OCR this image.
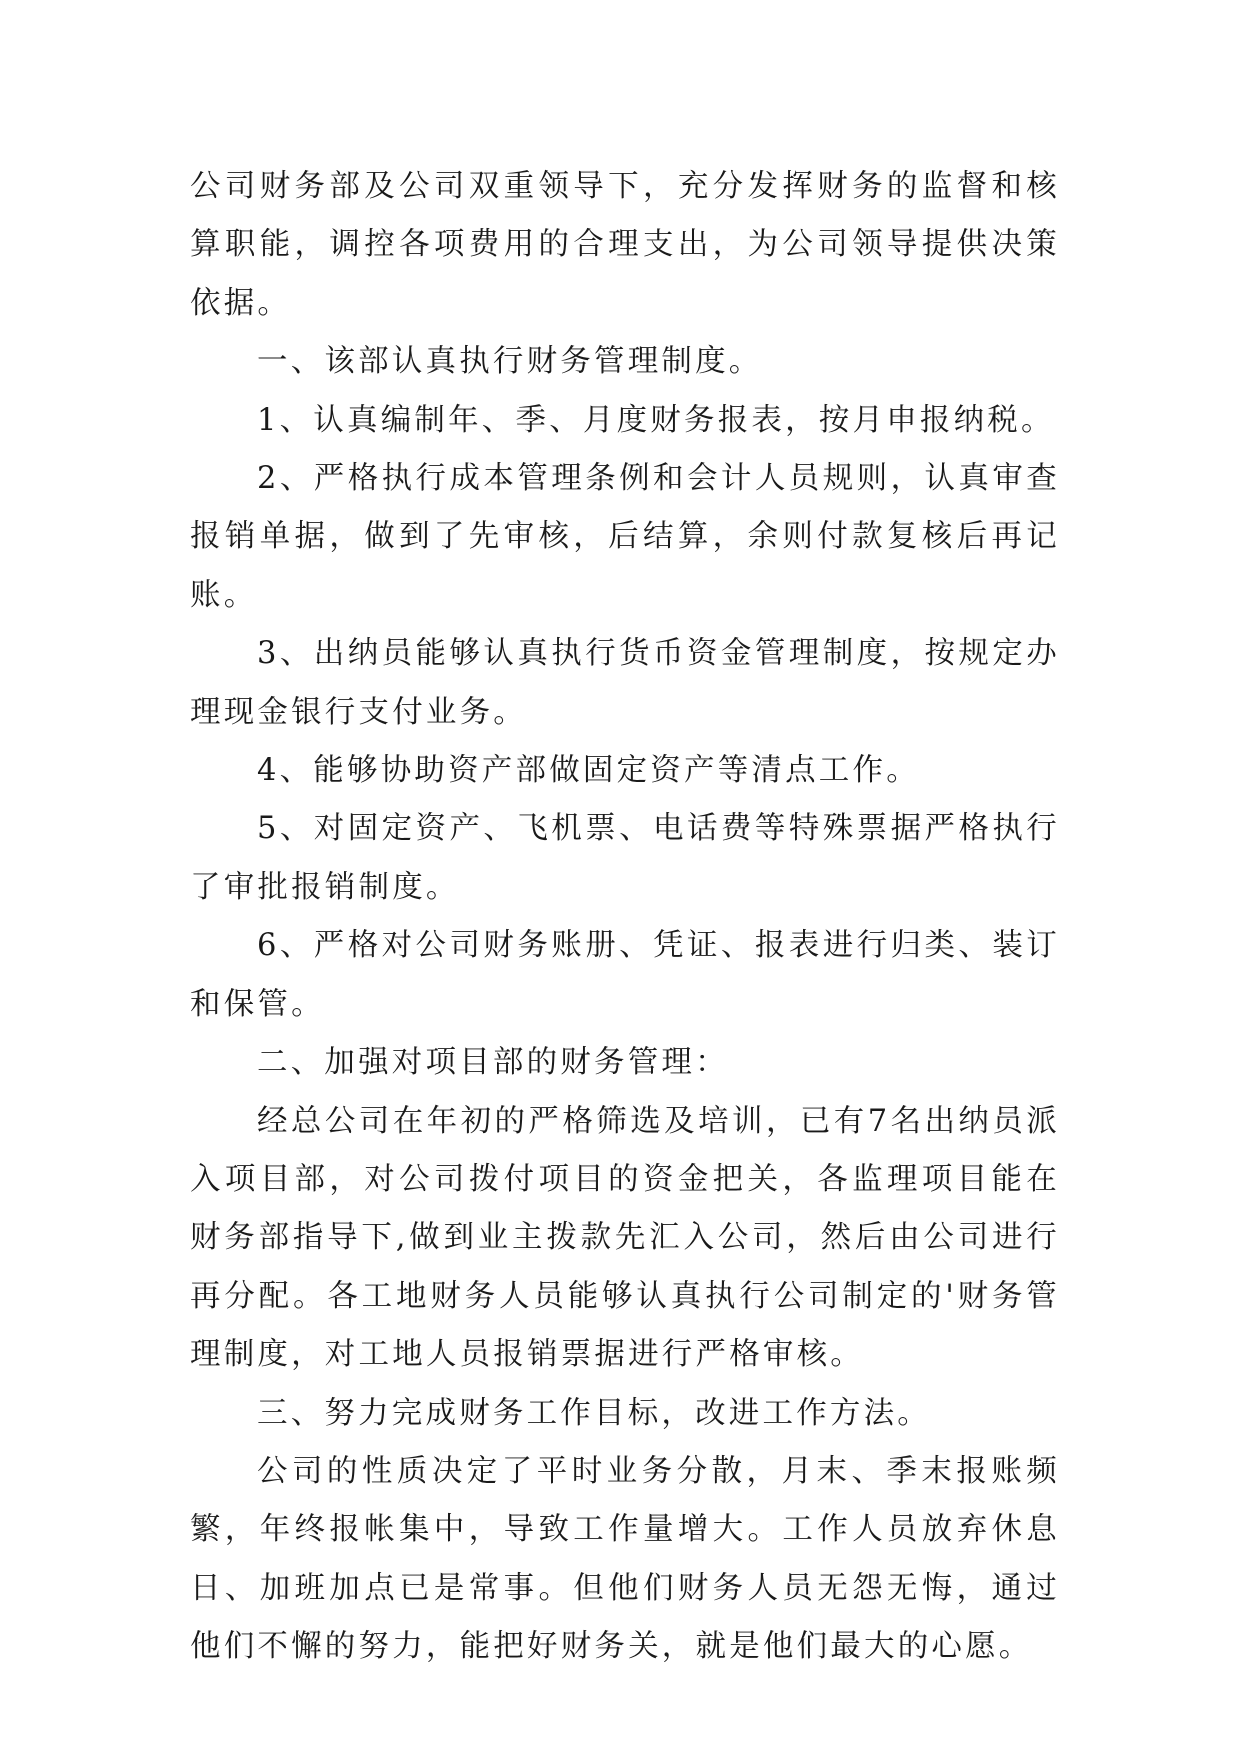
公司财务部及公司双重领导下，充分发挥财务的监督和核算职能，调控各项费用的合理支出，为公司领导提供决策依据。

一、该部认真执行财务管理制度。

1、认真编制年、季、月度财务报表，按月申报纳税。

2、严格执行成本管理条例和会计人员规则，认真审查报销单据，做到了先审核，后结算，余则付款复核后再记账。

3、出纳员能够认真执行货币资金管理制度，按规定办理现金银行支付业务。

4、能够协助资产部做固定资产等清点工作。

5、对固定资产、飞机票、电话费等特殊票据严格执行了审批报销制度。

6、严格对公司财务账册、凭证、报表进行归类、装订和保管。

二、加强对项目部的财务管理：

经总公司在年初的严格筛选及培训，已有7名出纳员派入项目部，对公司拨付项目的资金把关，各监理项目能在财务部指导下,做到业主拨款先汇入公司，然后由公司进行再分配。各工地财务人员能够认真执行公司制定的'财务管理制度，对工地人员报销票据进行严格审核。

三、努力完成财务工作目标，改进工作方法。

公司的性质决定了平时业务分散，月末、季末报账频繁，年终报帐集中，导致工作量增大。工作人员放弃休息日、加班加点已是常事。但他们财务人员无怨无悔，通过他们不懈的努力，能把好财务关，就是他们最大的心愿。
